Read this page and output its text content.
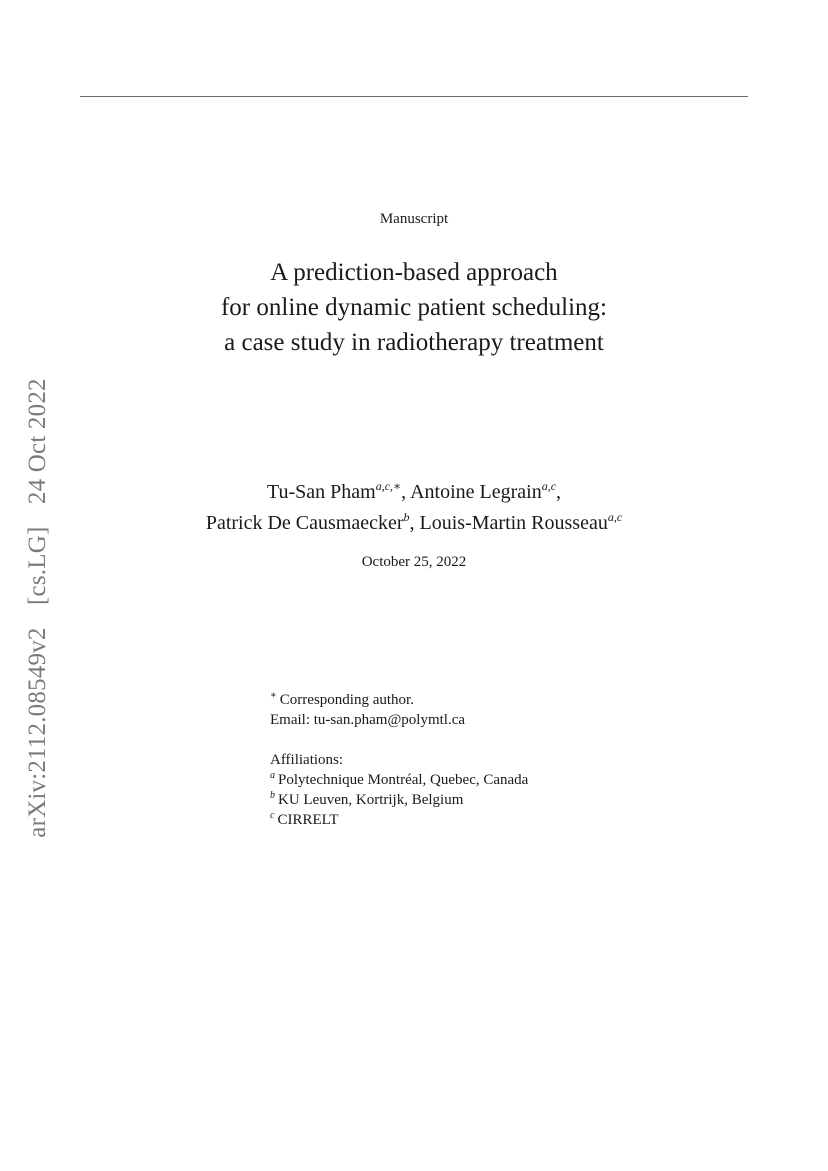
arXiv:2112.08549v2 [cs.LG] 24 Oct 2022
Manuscript
A prediction-based approach
for online dynamic patient scheduling:
a case study in radiotherapy treatment
Tu-San Pham$^{a,c,∗}$, Antoine Legrain$^{a,c}$,
Patrick De Causmaecker$^b$, Louis-Martin Rousseau$^{a,c}$
October 25, 2022
∗ Corresponding author.
Email: tu-san.pham@polymtl.ca
Affiliations:
$^a$ Polytechnique Montréal, Quebec, Canada
$^b$ KU Leuven, Kortrijk, Belgium
$^c$ CIRRELT
